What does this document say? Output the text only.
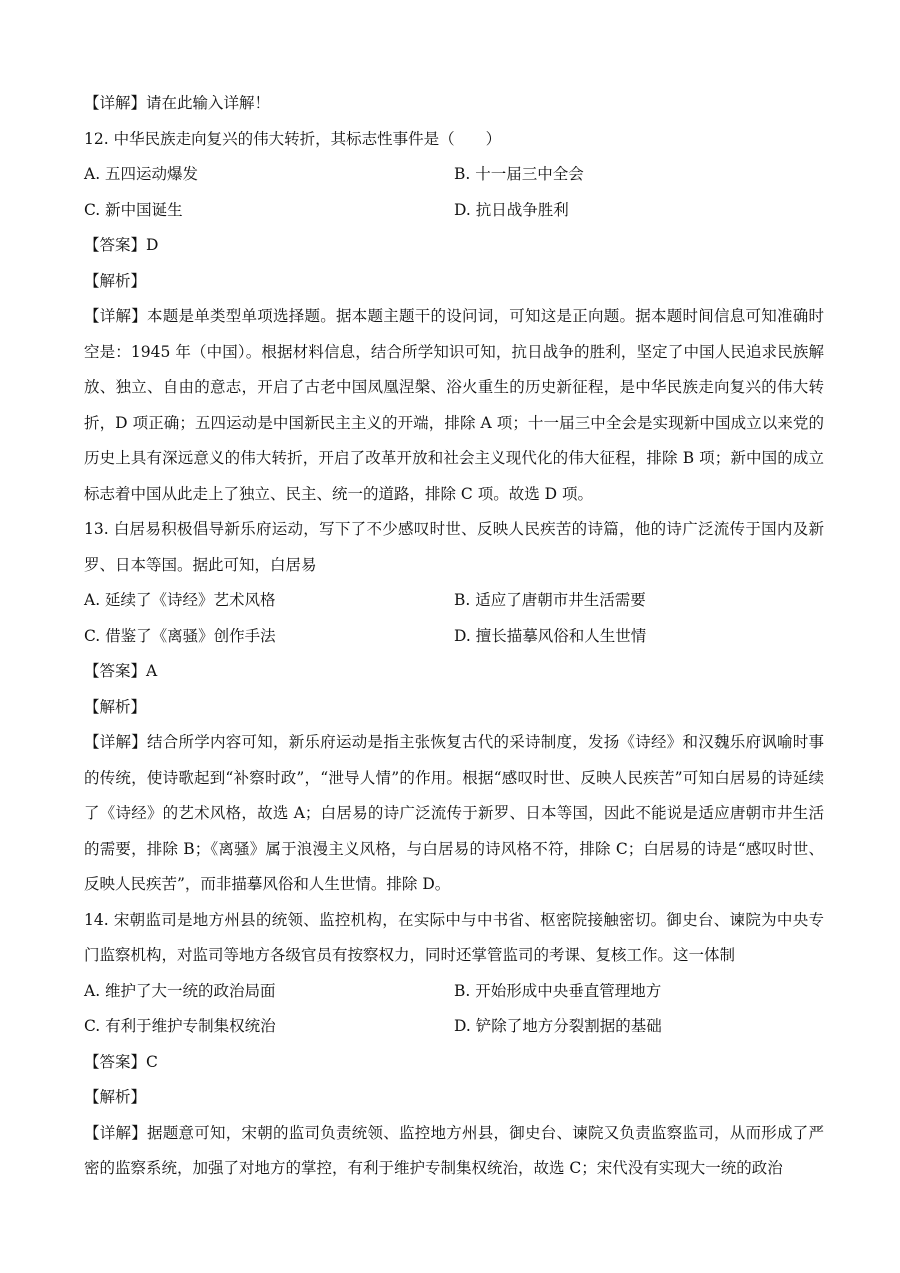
【详解】请在此输入详解！
12. 中华民族走向复兴的伟大转折，其标志性事件是（　　）
A. 五四运动爆发	B. 十一届三中全会
C. 新中国诞生	D. 抗日战争胜利
【答案】D
【解析】
【详解】本题是单类型单项选择题。据本题主题干的设问词，可知这是正向题。据本题时间信息可知准确时空是：1945 年（中国）。根据材料信息，结合所学知识可知，抗日战争的胜利，坚定了中国人民追求民族解放、独立、自由的意志，开启了古老中国凤凰涅槃、浴火重生的历史新征程，是中华民族走向复兴的伟大转折，D 项正确；五四运动是中国新民主主义的开端，排除 A 项；十一届三中全会是实现新中国成立以来党的历史上具有深远意义的伟大转折，开启了改革开放和社会主义现代化的伟大征程，排除 B 项；新中国的成立标志着中国从此走上了独立、民主、统一的道路，排除 C 项。故选 D 项。
13. 白居易积极倡导新乐府运动，写下了不少感叹时世、反映人民疾苦的诗篇，他的诗广泛流传于国内及新罗、日本等国。据此可知，白居易
A. 延续了《诗经》艺术风格	B. 适应了唐朝市井生活需要
C. 借鉴了《离骚》创作手法	D. 擅长描摹风俗和人生世情
【答案】A
【解析】
【详解】结合所学内容可知，新乐府运动是指主张恢复古代的采诗制度，发扬《诗经》和汉魏乐府讽喻时事的传统，使诗歌起到“补察时政”，“泄导人情”的作用。根据“感叹时世、反映人民疾苦”可知白居易的诗延续了《诗经》的艺术风格，故选 A；白居易的诗广泛流传于新罗、日本等国，因此不能说是适应唐朝市井生活的需要，排除 B；《离骚》属于浪漫主义风格，与白居易的诗风格不符，排除 C；白居易的诗是“感叹时世、反映人民疾苦”，而非描摹风俗和人生世情。排除 D。
14. 宋朝监司是地方州县的统领、监控机构，在实际中与中书省、枢密院接触密切。御史台、谏院为中央专门监察机构，对监司等地方各级官员有按察权力，同时还掌管监司的考课、复核工作。这一体制
A. 维护了大一统的政治局面	B. 开始形成中央垂直管理地方
C. 有利于维护专制集权统治	D. 铲除了地方分裂割据的基础
【答案】C
【解析】
【详解】据题意可知，宋朝的监司负责统领、监控地方州县，御史台、谏院又负责监察监司，从而形成了严密的监察系统，加强了对地方的掌控，有利于维护专制集权统治，故选 C；宋代没有实现大一统的政治
